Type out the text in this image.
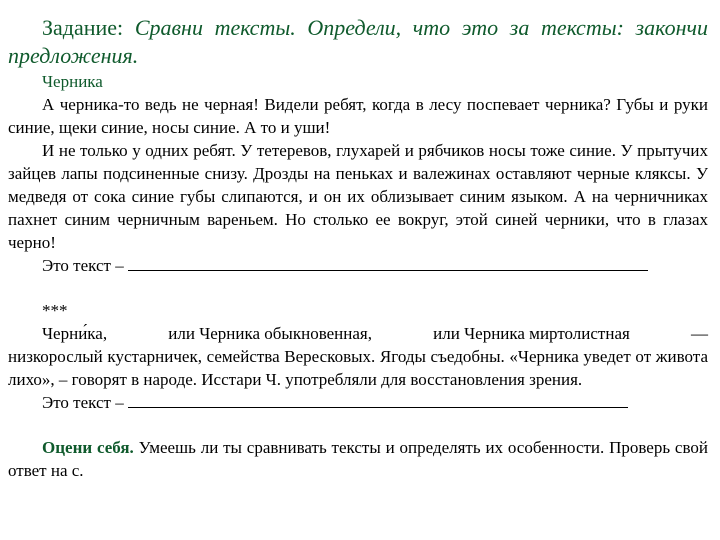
Задание: Сравни тексты. Определи, что это за тексты: закончи предложения.

Черника

А черника-то ведь не черная! Видели ребят, когда в лесу поспевает черника? Губы и руки синие, щеки синие, носы синие. А то и уши!

И не только у одних ребят. У тетеревов, глухарей и рябчиков носы тоже синие. У прытучих зайцев лапы подсиненные снизу. Дрозды на пеньках и валежинах оставляют черные кляксы. У медведя от сока синие губы слипаются, и он их облизывает синим языком. А на черничниках пахнет синим черничным вареньем. Но столько ее вокруг, этой синей черники, что в глазах черно!

Это текст –

***

Черни́ка,	или Черника обыкновенная,	или Черника миртолистная	—

низкорослый кустарничек, семейства Вересковых. Ягоды съедобны. «Черника уведет от живота лихо», – говорят в народе. Исстари Ч. употребляли для восстановления зрения.

Это текст –

Оцени себя. Умеешь ли ты сравнивать тексты и определять их особенности. Проверь свой ответ на с.
